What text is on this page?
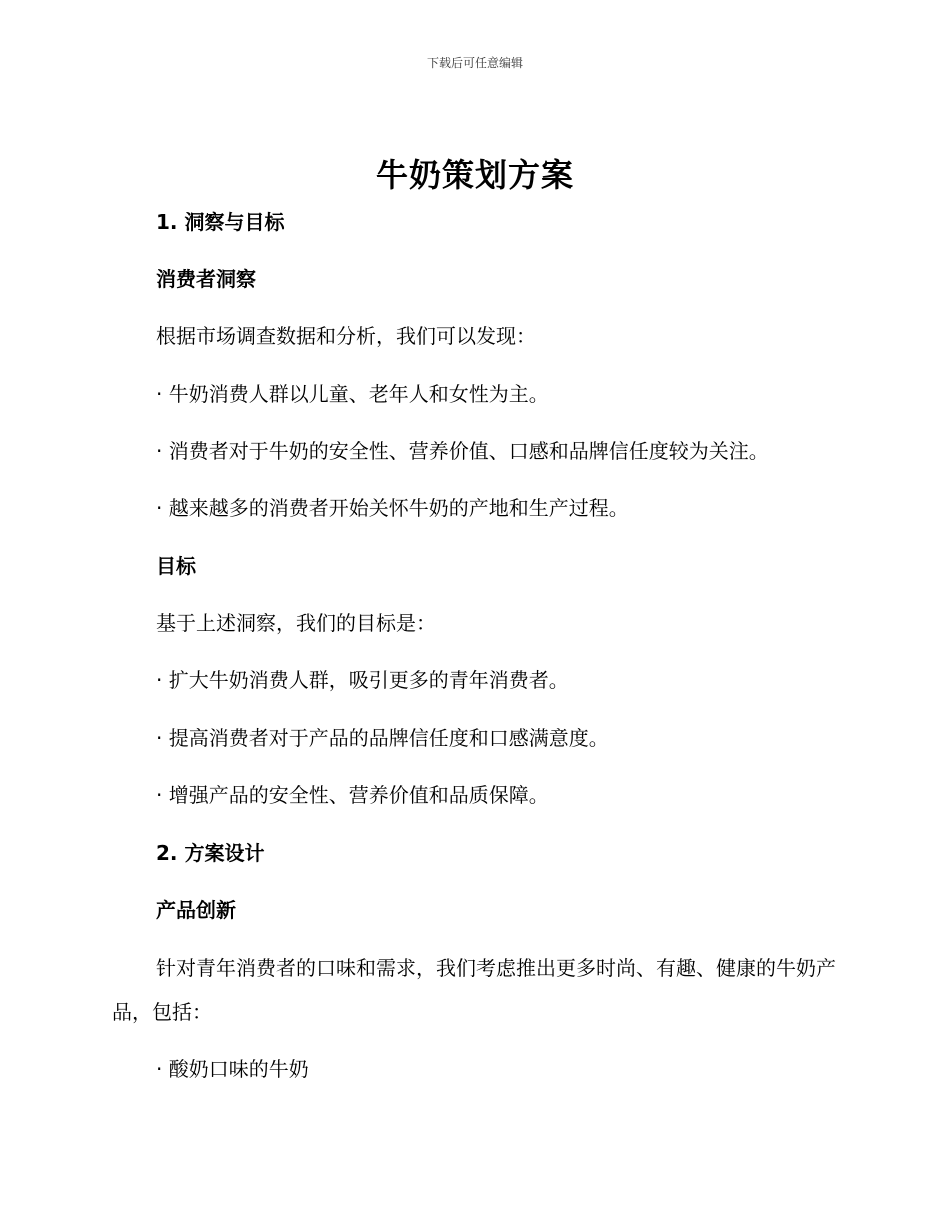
下载后可任意编辑
牛奶策划方案
1. 洞察与目标
消费者洞察
根据市场调查数据和分析，我们可以发现：
· 牛奶消费人群以儿童、老年人和女性为主。
· 消费者对于牛奶的安全性、营养价值、口感和品牌信任度较为关注。
· 越来越多的消费者开始关怀牛奶的产地和生产过程。
目标
基于上述洞察，我们的目标是：
· 扩大牛奶消费人群，吸引更多的青年消费者。
· 提高消费者对于产品的品牌信任度和口感满意度。
· 增强产品的安全性、营养价值和品质保障。
2. 方案设计
产品创新
针对青年消费者的口味和需求，我们考虑推出更多时尚、有趣、健康的牛奶产品，包括：
· 酸奶口味的牛奶
